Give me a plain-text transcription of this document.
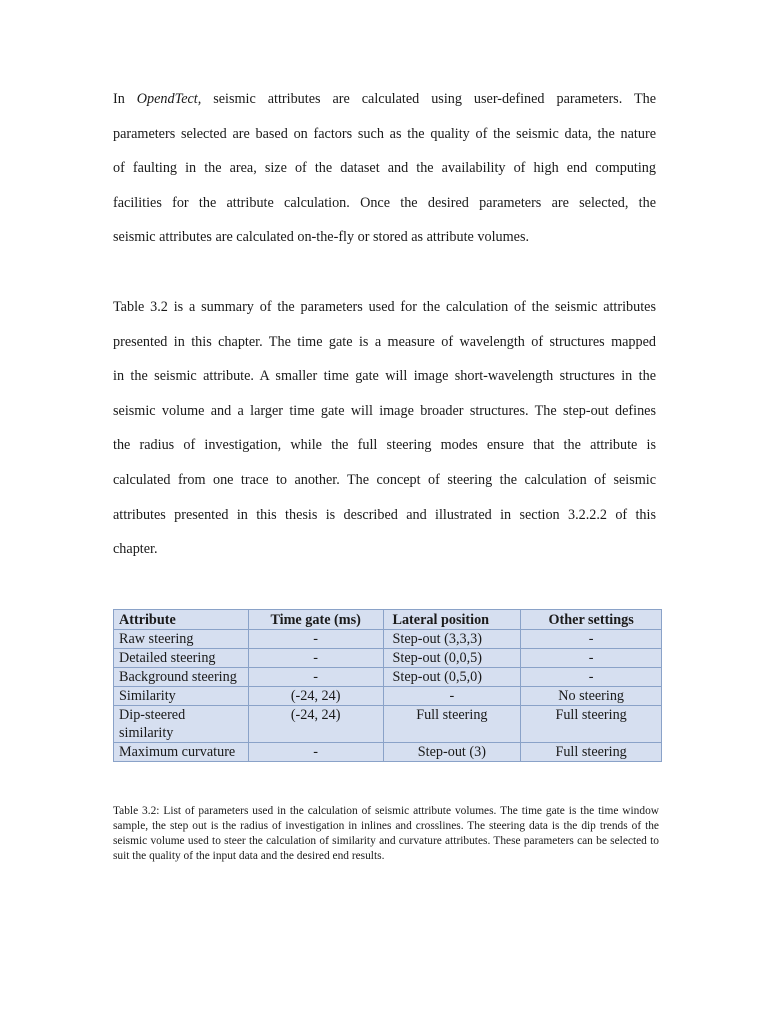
In OpendTect, seismic attributes are calculated using user-defined parameters. The
parameters selected are based on factors such as the quality of the seismic data, the nature
of faulting in the area, size of the dataset and the availability of high end computing
facilities for the attribute calculation. Once the desired parameters are selected, the
seismic attributes are calculated on-the-fly or stored as attribute volumes.
Table 3.2 is a summary of the parameters used for the calculation of the seismic attributes
presented in this chapter. The time gate is a measure of wavelength of structures mapped
in the seismic attribute. A smaller time gate will image short-wavelength structures in the
seismic volume and a larger time gate will image broader structures. The step-out defines
the radius of investigation, while the full steering modes ensure that the attribute is
calculated from one trace to another. The concept of steering the calculation of seismic
attributes presented in this thesis is described and illustrated in section 3.2.2.2 of this
chapter.
Attribute	Time gate (ms)	Lateral position	Other settings
Raw steering	-	Step-out (3,3,3)	-
Detailed steering	-	Step-out (0,0,5)	-
Background steering	-	Step-out (0,5,0)	-
Similarity	(-24, 24)	-	No steering
Dip-steered similarity	(-24, 24)	Full steering	Full steering
Maximum curvature	-	Step-out (3)	Full steering

Table 3.2: List of parameters used in the calculation of seismic attribute volumes. The time gate is the time window sample, the step out is the radius of investigation in inlines and crosslines. The steering data is the dip trends of the seismic volume used to steer the calculation of similarity and curvature attributes. These parameters can be selected to suit the quality of the input data and the desired end results.
